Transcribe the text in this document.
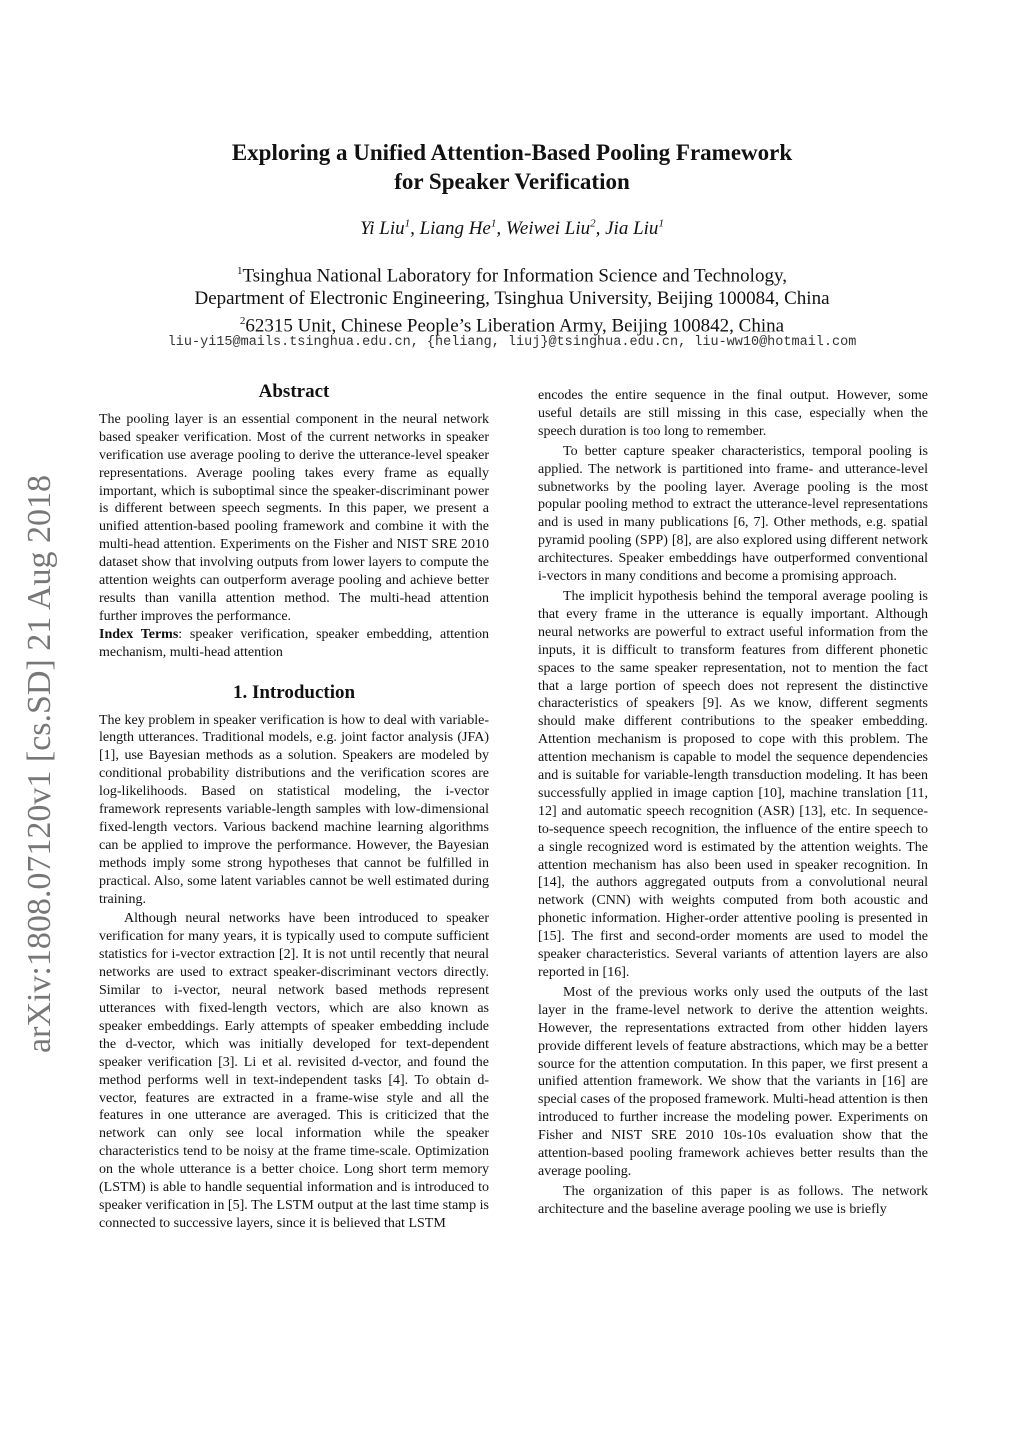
arXiv:1808.07120v1 [cs.SD] 21 Aug 2018
Exploring a Unified Attention-Based Pooling Framework
for Speaker Verification
Yi Liu$^1$, Liang He$^1$, Weiwei Liu$^2$, Jia Liu$^1$
$^1$Tsinghua National Laboratory for Information Science and Technology,
Department of Electronic Engineering, Tsinghua University, Beijing 100084, China
$^2$62315 Unit, Chinese People’s Liberation Army, Beijing 100842, China
liu-yi15@mails.tsinghua.edu.cn, {heliang, liuj}@tsinghua.edu.cn, liu-ww10@hotmail.com
Abstract

The pooling layer is an essential component in the neural network based speaker verification. Most of the current networks in speaker verification use average pooling to derive the utterance-level speaker representations. Average pooling takes every frame as equally important, which is suboptimal since the speaker-discriminant power is different between speech segments. In this paper, we present a unified attention-based pooling framework and combine it with the multi-head attention. Experiments on the Fisher and NIST SRE 2010 dataset show that involving outputs from lower layers to compute the attention weights can outperform average pooling and achieve better results than vanilla attention method. The multi-head attention further improves the performance.

Index Terms: speaker verification, speaker embedding, attention mechanism, multi-head attention

1. Introduction

The key problem in speaker verification is how to deal with variable-length utterances. Traditional models, e.g. joint factor analysis (JFA) [1], use Bayesian methods as a solution. Speakers are modeled by conditional probability distributions and the verification scores are log-likelihoods. Based on statistical modeling, the i-vector framework represents variable-length samples with low-dimensional fixed-length vectors. Various backend machine learning algorithms can be applied to improve the performance. However, the Bayesian methods imply some strong hypotheses that cannot be fulfilled in practical. Also, some latent variables cannot be well estimated during training.

Although neural networks have been introduced to speaker verification for many years, it is typically used to compute sufficient statistics for i-vector extraction [2]. It is not until recently that neural networks are used to extract speaker-discriminant vectors directly. Similar to i-vector, neural network based methods represent utterances with fixed-length vectors, which are also known as speaker embeddings. Early attempts of speaker embedding include the d-vector, which was initially developed for text-dependent speaker verification [3]. Li et al. revisited d-vector, and found the method performs well in text-independent tasks [4]. To obtain d-vector, features are extracted in a frame-wise style and all the features in one utterance are averaged. This is criticized that the network can only see local information while the speaker characteristics tend to be noisy at the frame time-scale. Optimization on the whole utterance is a better choice. Long short term memory (LSTM) is able to handle sequential information and is introduced to speaker verification in [5]. The LSTM output at the last time stamp is connected to successive layers, since it is believed that LSTM

encodes the entire sequence in the final output. However, some useful details are still missing in this case, especially when the speech duration is too long to remember.

To better capture speaker characteristics, temporal pooling is applied. The network is partitioned into frame- and utterance-level subnetworks by the pooling layer. Average pooling is the most popular pooling method to extract the utterance-level representations and is used in many publications [6, 7]. Other methods, e.g. spatial pyramid pooling (SPP) [8], are also explored using different network architectures. Speaker embeddings have outperformed conventional i-vectors in many conditions and become a promising approach.

The implicit hypothesis behind the temporal average pooling is that every frame in the utterance is equally important. Although neural networks are powerful to extract useful information from the inputs, it is difficult to transform features from different phonetic spaces to the same speaker representation, not to mention the fact that a large portion of speech does not represent the distinctive characteristics of speakers [9]. As we know, different segments should make different contributions to the speaker embedding. Attention mechanism is proposed to cope with this problem. The attention mechanism is capable to model the sequence dependencies and is suitable for variable-length transduction modeling. It has been successfully applied in image caption [10], machine translation [11, 12] and automatic speech recognition (ASR) [13], etc. In sequence-to-sequence speech recognition, the influence of the entire speech to a single recognized word is estimated by the attention weights. The attention mechanism has also been used in speaker recognition. In [14], the authors aggregated outputs from a convolutional neural network (CNN) with weights computed from both acoustic and phonetic information. Higher-order attentive pooling is presented in [15]. The first and second-order moments are used to model the speaker characteristics. Several variants of attention layers are also reported in [16].

Most of the previous works only used the outputs of the last layer in the frame-level network to derive the attention weights. However, the representations extracted from other hidden layers provide different levels of feature abstractions, which may be a better source for the attention computation. In this paper, we first present a unified attention framework. We show that the variants in [16] are special cases of the proposed framework. Multi-head attention is then introduced to further increase the modeling power. Experiments on Fisher and NIST SRE 2010 10s-10s evaluation show that the attention-based pooling framework achieves better results than the average pooling.

The organization of this paper is as follows. The network architecture and the baseline average pooling we use is briefly
